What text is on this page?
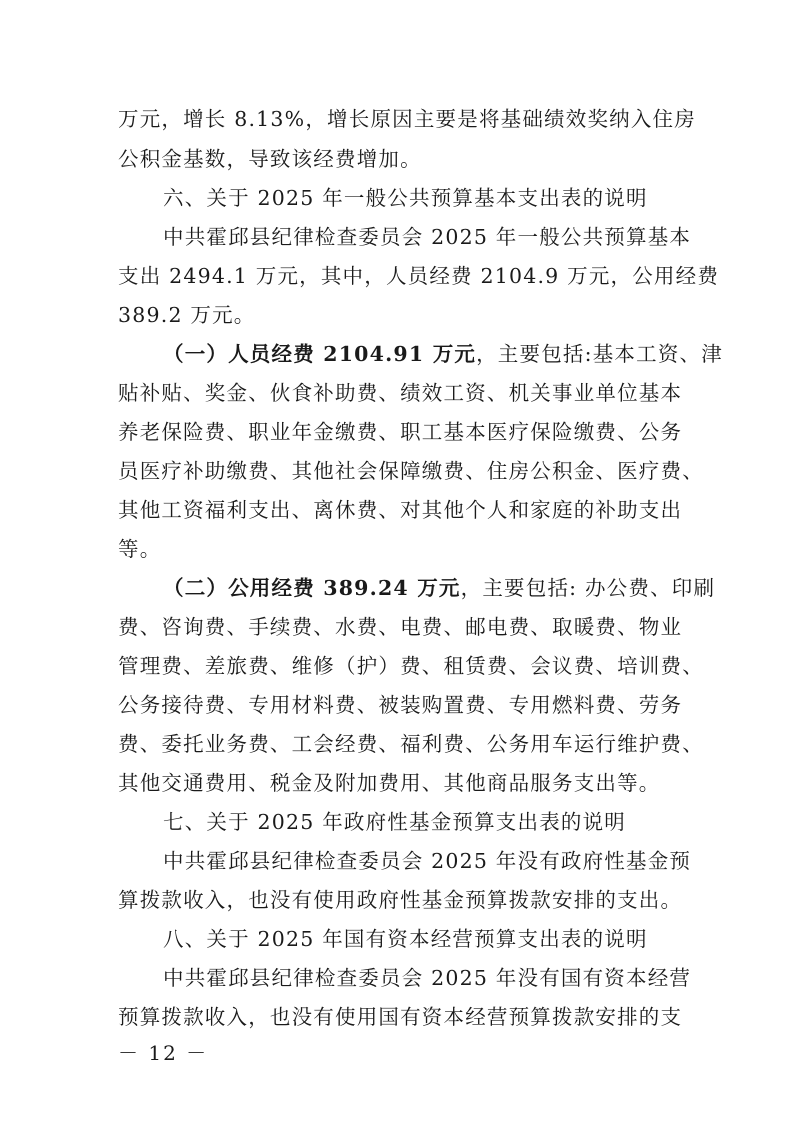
万元，增长 8.13%，增长原因主要是将基础绩效奖纳入住房
公积金基数，导致该经费增加。
六、关于 2025 年一般公共预算基本支出表的说明
中共霍邱县纪律检查委员会 2025 年一般公共预算基本
支出 2494.1 万元，其中，人员经费 2104.9 万元，公用经费
389.2 万元。
（一）人员经费 2104.91 万元，主要包括:基本工资、津
贴补贴、奖金、伙食补助费、绩效工资、机关事业单位基本
养老保险费、职业年金缴费、职工基本医疗保险缴费、公务
员医疗补助缴费、其他社会保障缴费、住房公积金、医疗费、
其他工资福利支出、离休费、对其他个人和家庭的补助支出
等。
（二）公用经费 389.24 万元，主要包括: 办公费、印刷
费、咨询费、手续费、水费、电费、邮电费、取暖费、物业
管理费、差旅费、维修（护）费、租赁费、会议费、培训费、
公务接待费、专用材料费、被装购置费、专用燃料费、劳务
费、委托业务费、工会经费、福利费、公务用车运行维护费、
其他交通费用、税金及附加费用、其他商品服务支出等。
七、关于 2025 年政府性基金预算支出表的说明
中共霍邱县纪律检查委员会 2025 年没有政府性基金预
算拨款收入，也没有使用政府性基金预算拨款安排的支出。
八、关于 2025 年国有资本经营预算支出表的说明
中共霍邱县纪律检查委员会 2025 年没有国有资本经营
预算拨款收入，也没有使用国有资本经营预算拨款安排的支
－ 12 －
